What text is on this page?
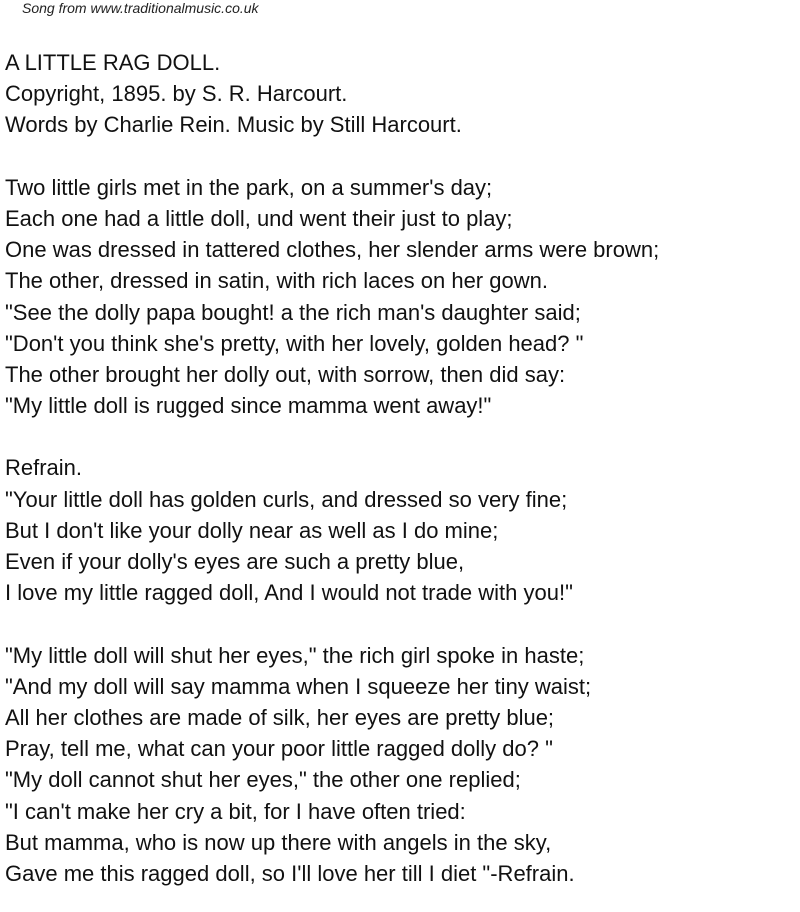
Song from www.traditionalmusic.co.uk
A LITTLE RAG DOLL.
Copyright, 1895. by S. R. Harcourt.
Words by Charlie Rein. Music by Still Harcourt.
Two little girls met in the park, on a summer's day;
Each one had a little doll, und went their just to play;
One was dressed in tattered clothes, her slender arms were brown;
The other, dressed in satin, with rich laces on her gown.
"See the dolly papa bought! a the rich man's daughter said;
"Don't you think she's pretty, with her lovely, golden head? "
The other brought her dolly out, with sorrow, then did say:
"My little doll is rugged since mamma went away!"
Refrain.
"Your little doll has golden curls, and dressed so very fine;
But I don't like your dolly near as well as I do mine;
Even if your dolly's eyes are such a pretty blue,
I love my little ragged doll, And I would not trade with you!"
"My little doll will shut her eyes," the rich girl spoke in haste;
"And my doll will say mamma when I squeeze her tiny waist;
All her clothes are made of silk, her eyes are pretty blue;
Pray, tell me, what can your poor little ragged dolly do? "
"My doll cannot shut her eyes," the other one replied;
"I can't make her cry a bit, for I have often tried:
But mamma, who is now up there with angels in the sky,
Gave me this ragged doll, so I'll love her till I diet "-Refrain.
